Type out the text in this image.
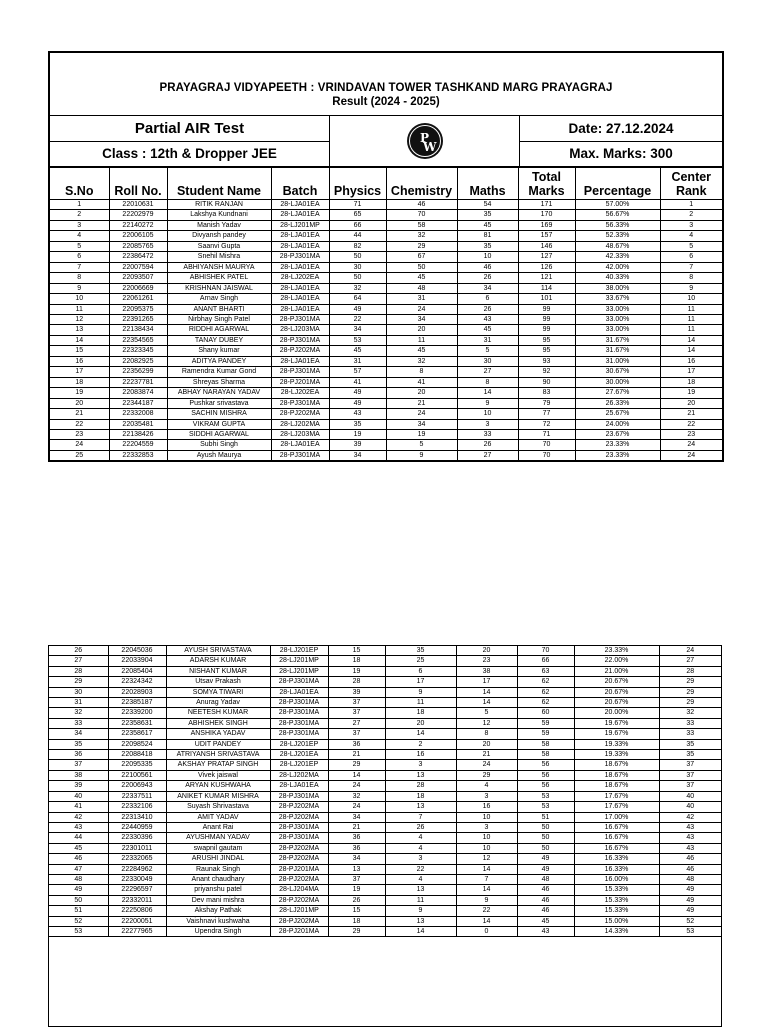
PRAYAGRAJ VIDYAPEETH : VRINDAVAN TOWER TASHKAND MARG PRAYAGRAJ
Result (2024 - 2025)
Partial AIR Test
Class : 12th & Dropper JEE
P
W
Date: 27.12.2024
Max. Marks: 300
S.No	Roll No.	Student Name	Batch	Physics	Chemistry	Maths	Total Marks	Percentage	Center Rank
1	22010631	RITIK RANJAN	28-LJA01EA	71	46	54	171	57.00%	1
2	22202979	Lakshya Kundnani	28-LJA01EA	65	70	35	170	56.67%	2
3	22140272	Manish Yadav	28-LJ201MP	66	58	45	169	56.33%	3
4	22006105	Divyansh pandey	28-LJA01EA	44	32	81	157	52.33%	4
5	22085765	Saanvi Gupta	28-LJA01EA	82	29	35	146	48.67%	5
6	22386472	Snehil Mishra	28-PJ301MA	50	67	10	127	42.33%	6
7	22007594	ABHIYANSH MAURYA	28-LJA01EA	30	50	46	126	42.00%	7
8	22093507	ABHISHEK PATEL	28-LJ202EA	50	45	26	121	40.33%	8
9	22006669	KRISHNAN JAISWAL	28-LJA01EA	32	48	34	114	38.00%	9
10	22061261	Arnav Singh	28-LJA01EA	64	31	6	101	33.67%	10
11	22095375	ANANT BHARTI	28-LJA01EA	49	24	26	99	33.00%	11
12	22391265	Nirbhay Singh Patel	28-PJ301MA	22	34	43	99	33.00%	11
13	22138434	RIDDHI AGARWAL	28-LJ203MA	34	20	45	99	33.00%	11
14	22354565	TANAY DUBEY	28-PJ301MA	53	11	31	95	31.67%	14
15	22323345	Shany kumar	28-PJ202MA	45	45	5	95	31.67%	14
16	22082925	ADITYA PANDEY	28-LJA01EA	31	32	30	93	31.00%	16
17	22356299	Ramendra Kumar Gond	28-PJ301MA	57	8	27	92	30.67%	17
18	22237781	Shreyas Sharma	28-PJ201MA	41	41	8	90	30.00%	18
19	22083874	ABHAY NARAYAN YADAV	28-LJ202EA	49	20	14	83	27.67%	19
20	22344187	Pushkar srivastava	28-PJ301MA	49	21	9	79	26.33%	20
21	22332008	SACHIN MISHRA	28-PJ202MA	43	24	10	77	25.67%	21
22	22035481	VIKRAM GUPTA	28-LJ202MA	35	34	3	72	24.00%	22
23	22138426	SIDDHI AGARWAL	28-LJ203MA	19	19	33	71	23.67%	23
24	22204559	Subhi Singh	28-LJA01EA	39	5	26	70	23.33%	24
25	22332853	Ayush Maurya	28-PJ301MA	34	9	27	70	23.33%	24
26	22045036	AYUSH SRIVASTAVA	28-LJ201EP	15	35	20	70	23.33%	24
27	22033904	ADARSH KUMAR	28-LJ201MP	18	25	23	66	22.00%	27
28	22085404	NISHANT KUMAR	28-LJ201MP	19	6	38	63	21.00%	28
29	22324342	Utsav Prakash	28-PJ301MA	28	17	17	62	20.67%	29
30	22028903	SOMYA TIWARI	28-LJA01EA	39	9	14	62	20.67%	29
31	22385187	Anurag Yadav	28-PJ301MA	37	11	14	62	20.67%	29
32	22339200	NEETESH KUMAR	28-PJ301MA	37	18	5	60	20.00%	32
33	22358631	ABHISHEK SINGH	28-PJ301MA	27	20	12	59	19.67%	33
34	22358617	ANSHIKA YADAV	28-PJ301MA	37	14	8	59	19.67%	33
35	22098524	UDIT PANDEY	28-LJ201EP	36	2	20	58	19.33%	35
36	22088418	ATRIYANSH SRIVASTAVA	28-LJ201EA	21	16	21	58	19.33%	35
37	22095335	AKSHAY PRATAP SINGH	28-LJ201EP	29	3	24	56	18.67%	37
38	22100561	Vivek jaiswal	28-LJ202MA	14	13	29	56	18.67%	37
39	22006943	ARYAN KUSHWAHA	28-LJA01EA	24	28	4	56	18.67%	37
40	22337511	ANIKET KUMAR MISHRA	28-PJ301MA	32	18	3	53	17.67%	40
41	22332106	Suyash Shrivastava	28-PJ202MA	24	13	16	53	17.67%	40
42	22313410	AMIT YADAV	28-PJ202MA	34	7	10	51	17.00%	42
43	22440959	Anant Rai	28-PJ301MA	21	26	3	50	16.67%	43
44	22330396	AYUSHMAN YADAV	28-PJ301MA	36	4	10	50	16.67%	43
45	22301011	swapnil gautam	28-PJ202MA	36	4	10	50	16.67%	43
46	22332065	ARUSHI JINDAL	28-PJ202MA	34	3	12	49	16.33%	46
47	22284962	Raunak Singh	28-PJ201MA	13	22	14	49	16.33%	46
48	22330049	Anant chaudhary	28-PJ202MA	37	4	7	48	16.00%	48
49	22296597	priyanshu patel	28-LJ204MA	19	13	14	46	15.33%	49
50	22332011	Dev mani mishra	28-PJ202MA	26	11	9	46	15.33%	49
51	22250806	Akshay Pathak	28-LJ201MP	15	9	22	46	15.33%	49
52	22200051	Vaishnavi kushwaha	28-PJ202MA	18	13	14	45	15.00%	52
53	22277965	Upendra Singh	28-PJ201MA	29	14	0	43	14.33%	53
